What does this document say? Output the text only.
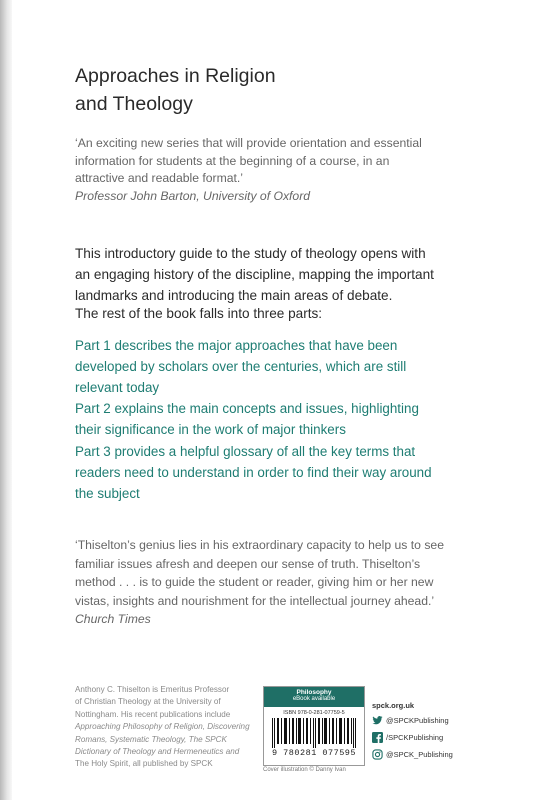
Approaches in Religion
and Theology
‘An exciting new series that will provide orientation and essential
information for students at the beginning of a course, in an
attractive and readable format.’
Professor John Barton, University of Oxford
This introductory guide to the study of theology opens with
an engaging history of the discipline, mapping the important
landmarks and introducing the main areas of debate.
The rest of the book falls into three parts:
Part 1 describes the major approaches that have been
developed by scholars over the centuries, which are still
relevant today
Part 2 explains the main concepts and issues, highlighting
their significance in the work of major thinkers
Part 3 provides a helpful glossary of all the key terms that
readers need to understand in order to find their way around
the subject
‘Thiselton’s genius lies in his extraordinary capacity to help us to see
familiar issues afresh and deepen our sense of truth. Thiselton’s
method . . . is to guide the student or reader, giving him or her new
vistas, insights and nourishment for the intellectual journey ahead.’
Church Times
Anthony C. Thiselton is Emeritus Professor
of Christian Theology at the University of
Nottingham. His recent publications include
Approaching Philosophy of Religion, Discovering
Romans, Systematic Theology, The SPCK
Dictionary of Theology and Hermeneutics and
The Holy Spirit, all published by SPCK
Philosophy
eBook available
ISBN 978-0-281-07759-5
9 780281 077595
Cover illustration © Danny Ivan
spck.org.uk
@SPCKPublishing
/SPCKPublishing
@SPCK_Publishing
